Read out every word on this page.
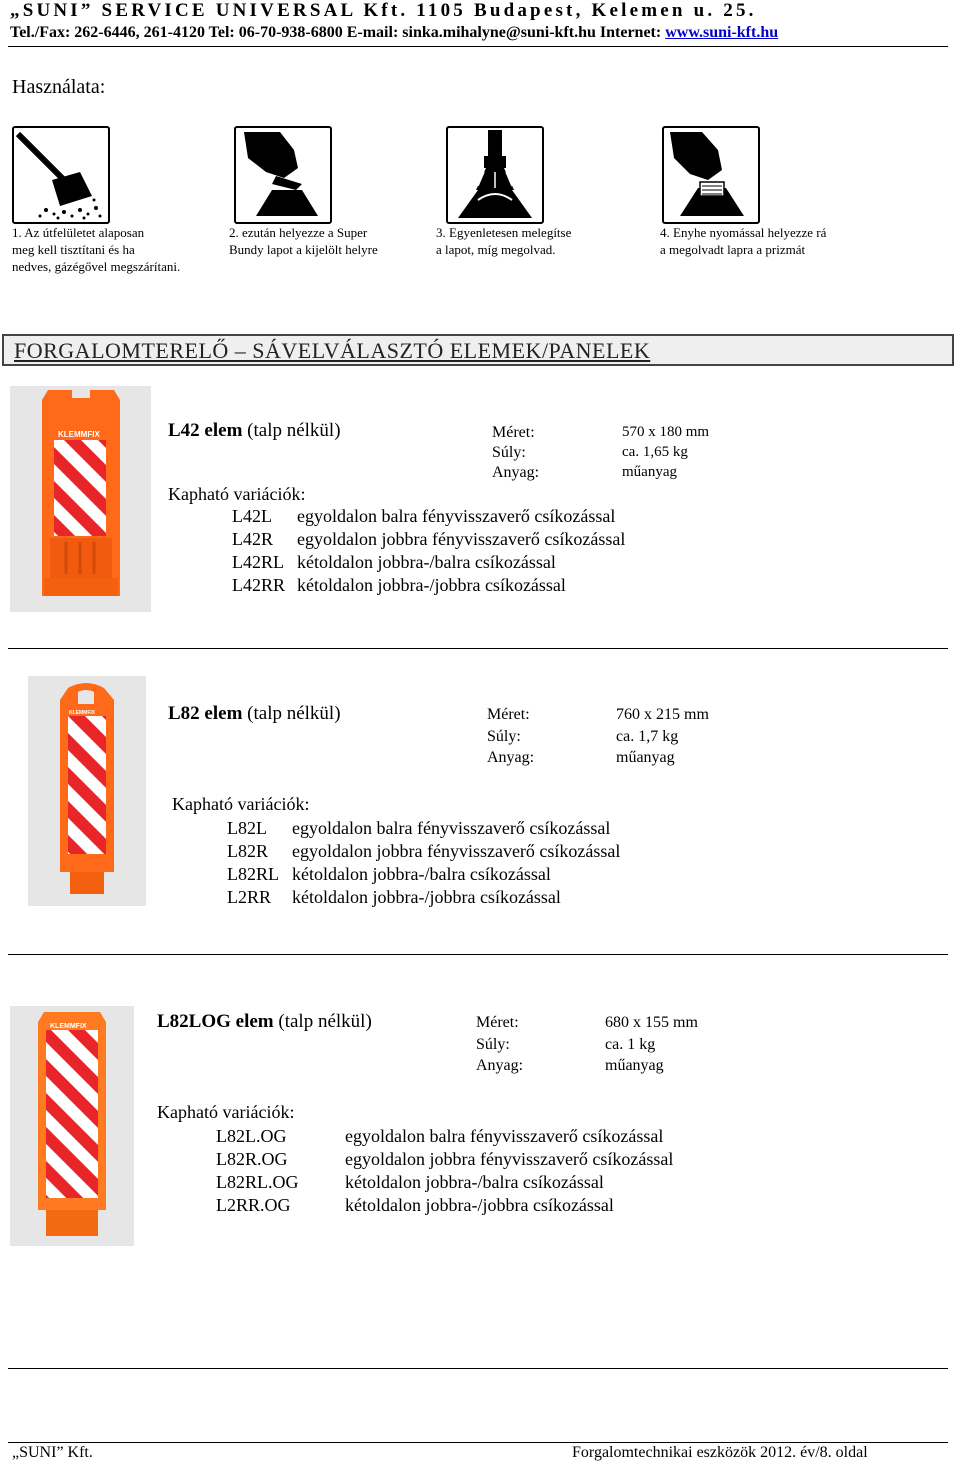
„SUNI” SERVICE UNIVERSAL Kft. 1105 Budapest, Kelemen u. 25.
Tel./Fax: 262-6446, 261-4120 Tel: 06-70-938-6800 E-mail: sinka.mihalyne@suni-kft.hu Internet: www.suni-kft.hu
Használata:
1. Az útfelületet alaposan
meg kell tisztítani és ha
nedves, gázégővel megszárítani.
2. ezután helyezze a Super
Bundy lapot a kijelölt helyre
3. Egyenletesen melegítse
a lapot, míg megolvad.
4. Enyhe nyomással helyezze rá
a megolvadt lapra a prizmát
FORGALOMTERELŐ – SÁVELVÁLASZTÓ ELEMEK/PANELEK
KLEMMFIX	L42 elem (talp nélkül)	Méret:	570 x 180 mm
Súly:	ca. 1,65 kg
Anyag:	műanyag
Kapható variációk:
L42L egyoldalon balra fényvisszaverő csíkozással
L42R egyoldalon jobbra fényvisszaverő csíkozással
L42RL kétoldalon jobbra-/balra csíkozással
L42RR kétoldalon jobbra-/jobbra csíkozással
KLEMMFIX	L82 elem (talp nélkül)	Méret:	760 x 215 mm
Súly:	ca. 1,7 kg
Anyag:	műanyag
Kapható variációk:
L82L egyoldalon balra fényvisszaverő csíkozással
L82R egyoldalon jobbra fényvisszaverő csíkozással
L82RL kétoldalon jobbra-/balra csíkozással
L2RR kétoldalon jobbra-/jobbra csíkozással
KLEMMFIX	L82LOG elem (talp nélkül)	Méret:	680 x 155 mm
Súly:	ca. 1 kg
Anyag:	műanyag
Kapható variációk:
L82L.OG	egyoldalon balra fényvisszaverő csíkozással
L82R.OG	egyoldalon jobbra fényvisszaverő csíkozással
L82RL.OG	kétoldalon jobbra-/balra csíkozással
L2RR.OG	kétoldalon jobbra-/jobbra csíkozással
„SUNI” Kft.	Forgalomtechnikai eszközök 2012. év/8. oldal
